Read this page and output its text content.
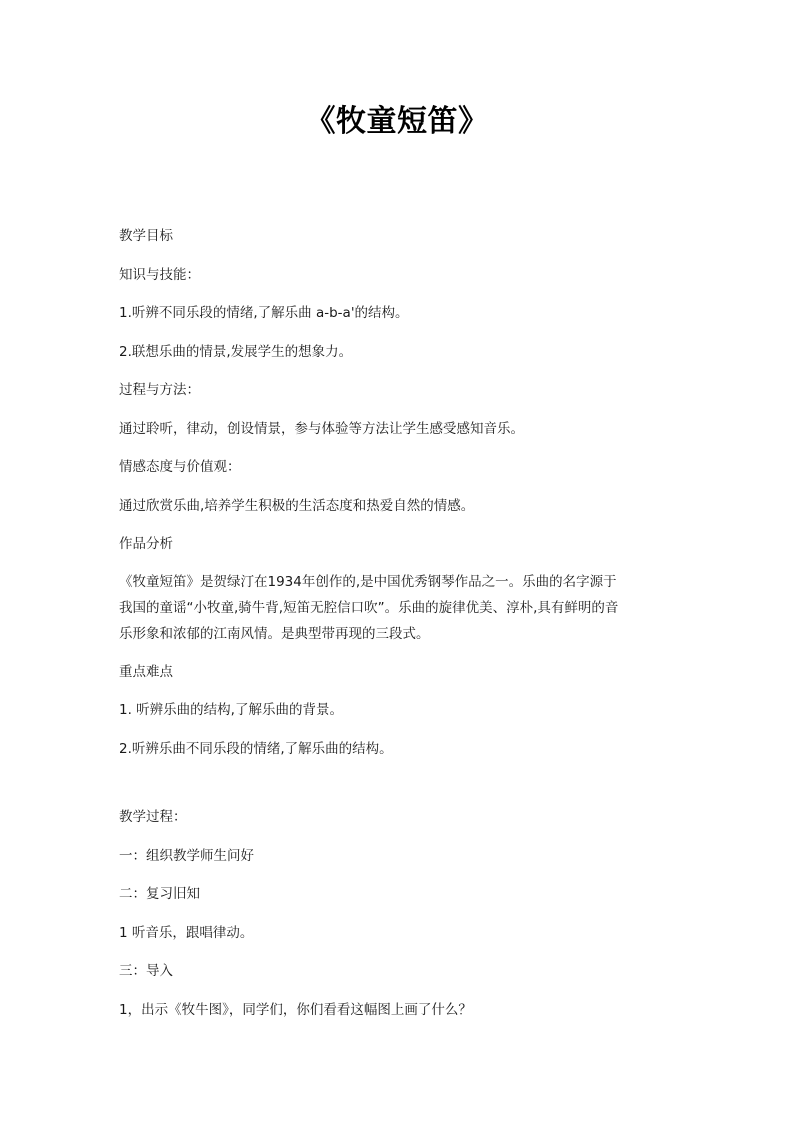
《牧童短笛》
教学目标
知识与技能：
1.听辨不同乐段的情绪,了解乐曲 a-b-a'的结构。
2.联想乐曲的情景,发展学生的想象力。
过程与方法：
通过聆听，律动，创设情景，参与体验等方法让学生感受感知音乐。
情感态度与价值观：
通过欣赏乐曲,培养学生积极的生活态度和热爱自然的情感。
作品分析
《牧童短笛》是贺绿汀在1934年创作的,是中国优秀钢琴作品之一。乐曲的名字源于
我国的童谣“小牧童,骑牛背,短笛无腔信口吹”。乐曲的旋律优美、淳朴,具有鲜明的音
乐形象和浓郁的江南风情。是典型带再现的三段式。
重点难点
1. 听辨乐曲的结构,了解乐曲的背景。
2.听辨乐曲不同乐段的情绪,了解乐曲的结构。
教学过程：
一：组织教学师生问好
二：复习旧知
1 听音乐，跟唱律动。
三：导入
1，出示《牧牛图》，同学们，你们看看这幅图上画了什么？
